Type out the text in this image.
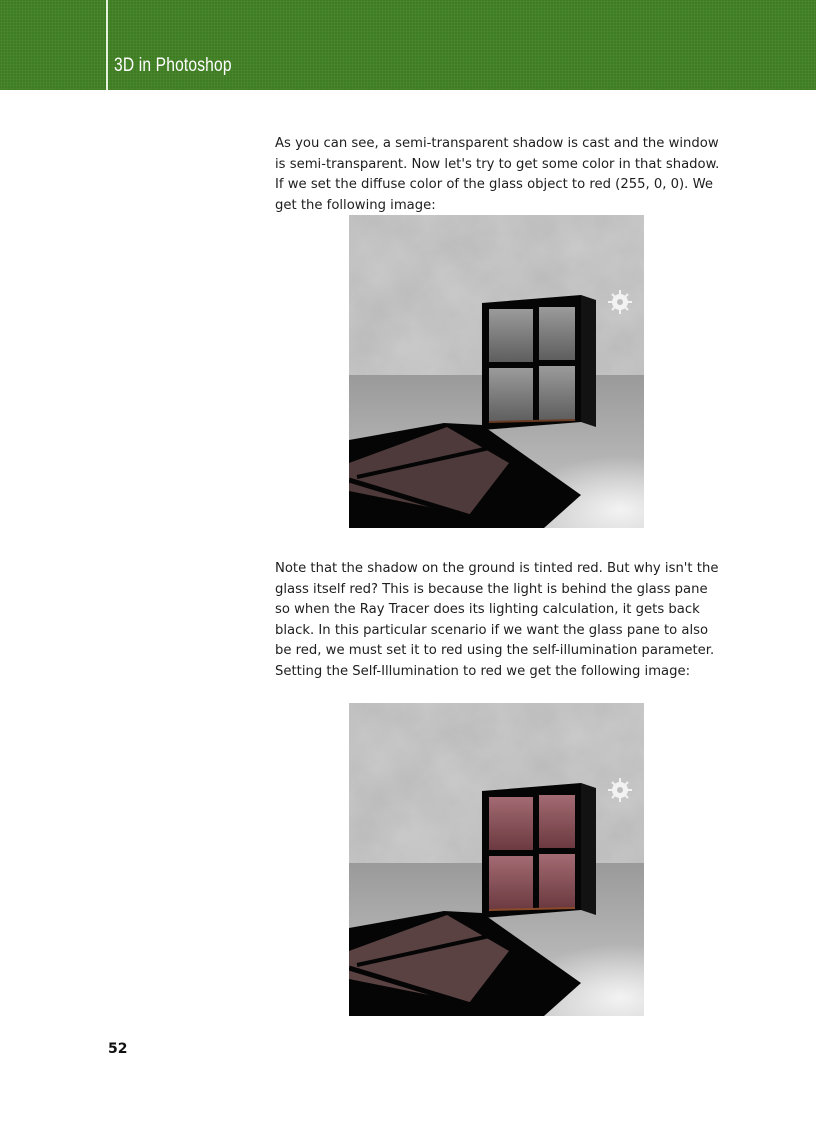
3D in Photoshop

As you can see, a semi-transparent shadow is cast and the window is semi-transparent. Now let's try to get some color in that shadow. If we set the diffuse color of the glass object to red (255, 0, 0). We get the following image:

Note that the shadow on the ground is tinted red. But why isn't the glass itself red? This is because the light is behind the glass pane so when the Ray Tracer does its lighting calculation, it gets back black. In this particular scenario if we want the glass pane to also be red, we must set it to red using the self-illumination parameter. Setting the Self-Illumination to red we get the following image:

52
